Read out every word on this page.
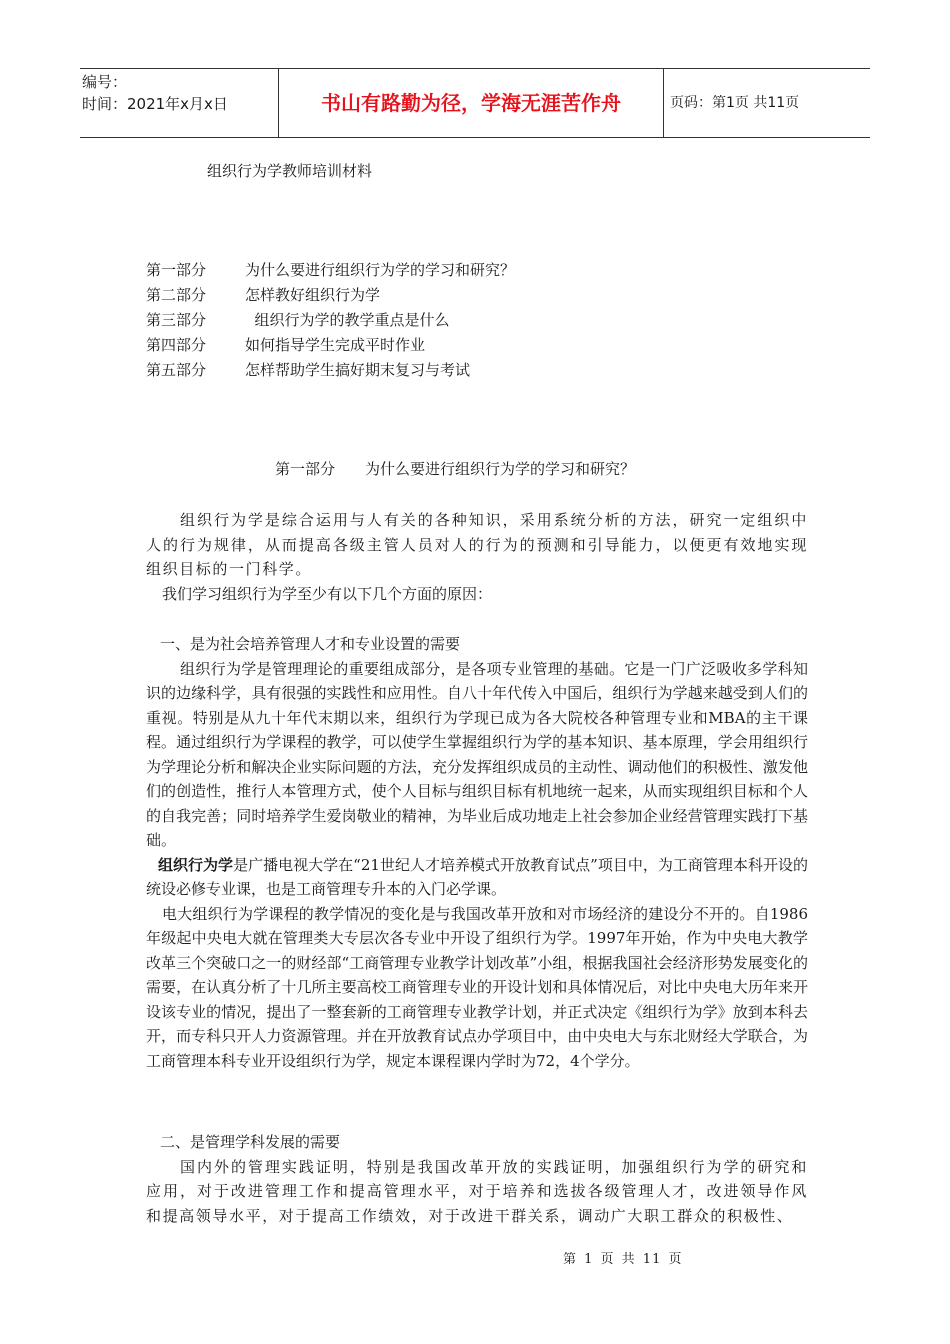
编号：
时间：2021年x月x日	书山有路勤为径，学海无涯苦作舟	页码：第1页 共11页
组织行为学教师培训材料
第一部分	为什么要进行组织行为学的学习和研究？
第二部分	怎样教好组织行为学
第三部分	组织行为学的教学重点是什么
第四部分	如何指导学生完成平时作业
第五部分	怎样帮助学生搞好期末复习与考试
第一部分 为什么要进行组织行为学的学习和研究？

组织行为学是综合运用与人有关的各种知识，采用系统分析的方法，研究一定组织中人的行为规律，从而提高各级主管人员对人的行为的预测和引导能力，以便更有效地实现组织目标的一门科学。

我们学习组织行为学至少有以下几个方面的原因：

一、是为社会培养管理人才和专业设置的需要

组织行为学是管理理论的重要组成部分，是各项专业管理的基础。它是一门广泛吸收多学科知识的边缘科学，具有很强的实践性和应用性。自八十年代传入中国后，组织行为学越来越受到人们的重视。特别是从九十年代末期以来，组织行为学现已成为各大院校各种管理专业和MBA的主干课程。通过组织行为学课程的教学，可以使学生掌握组织行为学的基本知识、基本原理，学会用组织行为学理论分析和解决企业实际问题的方法，充分发挥组织成员的主动性、调动他们的积极性、激发他们的创造性，推行人本管理方式，使个人目标与组织目标有机地统一起来，从而实现组织目标和个人的自我完善；同时培养学生爱岗敬业的精神，为毕业后成功地走上社会参加企业经营管理实践打下基础。

组织行为学是广播电视大学在“21世纪人才培养模式开放教育试点”项目中，为工商管理本科开设的统设必修专业课，也是工商管理专升本的入门必学课。

电大组织行为学课程的教学情况的变化是与我国改革开放和对市场经济的建设分不开的。自1986年级起中央电大就在管理类大专层次各专业中开设了组织行为学。1997年开始，作为中央电大教学改革三个突破口之一的财经部“工商管理专业教学计划改革”小组，根据我国社会经济形势发展变化的需要，在认真分析了十几所主要高校工商管理专业的开设计划和具体情况后，对比中央电大历年来开设该专业的情况，提出了一整套新的工商管理专业教学计划，并正式决定《组织行为学》放到本科去开，而专科只开人力资源管理。并在开放教育试点办学项目中，由中央电大与东北财经大学联合，为工商管理本科专业开设组织行为学，规定本课程课内学时为72，4个学分。

二、是管理学科发展的需要

国内外的管理实践证明，特别是我国改革开放的实践证明，加强组织行为学的研究和应用，对于改进管理工作和提高管理水平，对于培养和选拔各级管理人才，改进领导作风和提高领导水平，对于提高工作绩效，对于改进干群关系，调动广大职工群众的积极性、

第 1 页 共 11 页
